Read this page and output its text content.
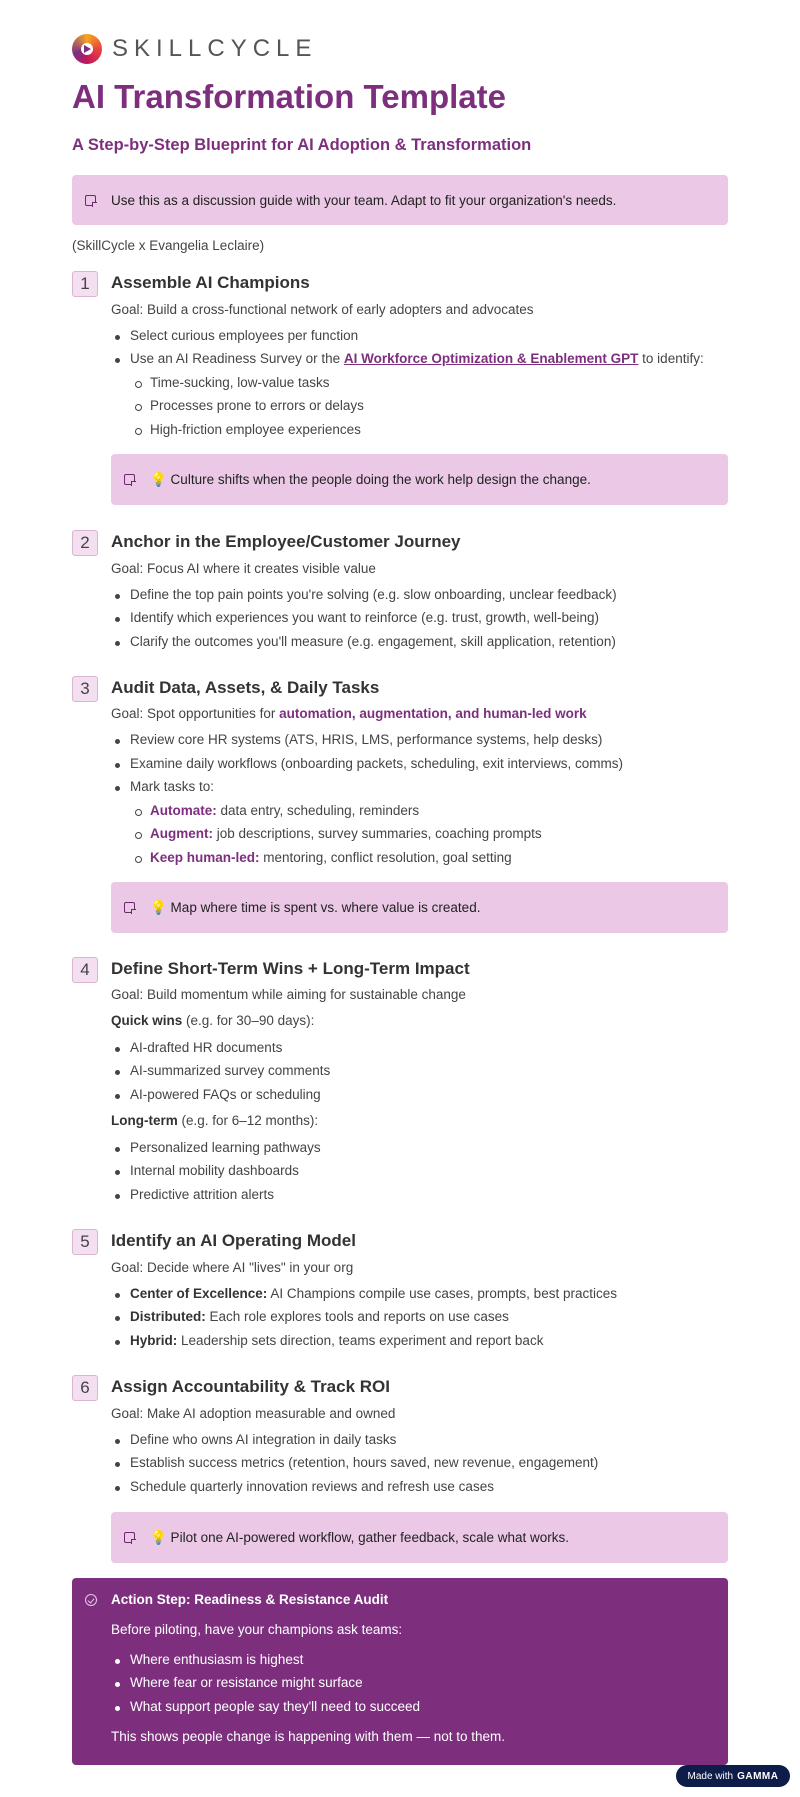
SKILLCYCLE
AI Transformation Template
A Step-by-Step Blueprint for AI Adoption & Transformation
Use this as a discussion guide with your team. Adapt to fit your organization's needs.
(SkillCycle x Evangelia Leclaire)
1	Assemble AI Champions
Goal: Build a cross-functional network of early adopters and advocates
Select curious employees per function
Use an AI Readiness Survey or the AI Workforce Optimization & Enablement GPT to identify:
Time-sucking, low-value tasks
Processes prone to errors or delays
High-friction employee experiences
💡 Culture shifts when the people doing the work help design the change.
2	Anchor in the Employee/Customer Journey
Goal: Focus AI where it creates visible value
Define the top pain points you're solving (e.g. slow onboarding, unclear feedback)
Identify which experiences you want to reinforce (e.g. trust, growth, well-being)
Clarify the outcomes you'll measure (e.g. engagement, skill application, retention)
3	Audit Data, Assets, & Daily Tasks
Goal: Spot opportunities for automation, augmentation, and human-led work
Review core HR systems (ATS, HRIS, LMS, performance systems, help desks)
Examine daily workflows (onboarding packets, scheduling, exit interviews, comms)
Mark tasks to:
Automate: data entry, scheduling, reminders
Augment: job descriptions, survey summaries, coaching prompts
Keep human-led: mentoring, conflict resolution, goal setting
💡 Map where time is spent vs. where value is created.
4	Define Short-Term Wins + Long-Term Impact
Goal: Build momentum while aiming for sustainable change
Quick wins (e.g. for 30–90 days):
AI-drafted HR documents
AI-summarized survey comments
AI-powered FAQs or scheduling
Long-term (e.g. for 6–12 months):
Personalized learning pathways
Internal mobility dashboards
Predictive attrition alerts
5	Identify an AI Operating Model
Goal: Decide where AI "lives" in your org
Center of Excellence: AI Champions compile use cases, prompts, best practices
Distributed: Each role explores tools and reports on use cases
Hybrid: Leadership sets direction, teams experiment and report back
6	Assign Accountability & Track ROI
Goal: Make AI adoption measurable and owned
Define who owns AI integration in daily tasks
Establish success metrics (retention, hours saved, new revenue, engagement)
Schedule quarterly innovation reviews and refresh use cases
💡 Pilot one AI-powered workflow, gather feedback, scale what works.
Action Step: Readiness & Resistance Audit
Before piloting, have your champions ask teams:
Where enthusiasm is highest
Where fear or resistance might surface
What support people say they'll need to succeed
This shows people change is happening with them — not to them.
Made with GAMMA
